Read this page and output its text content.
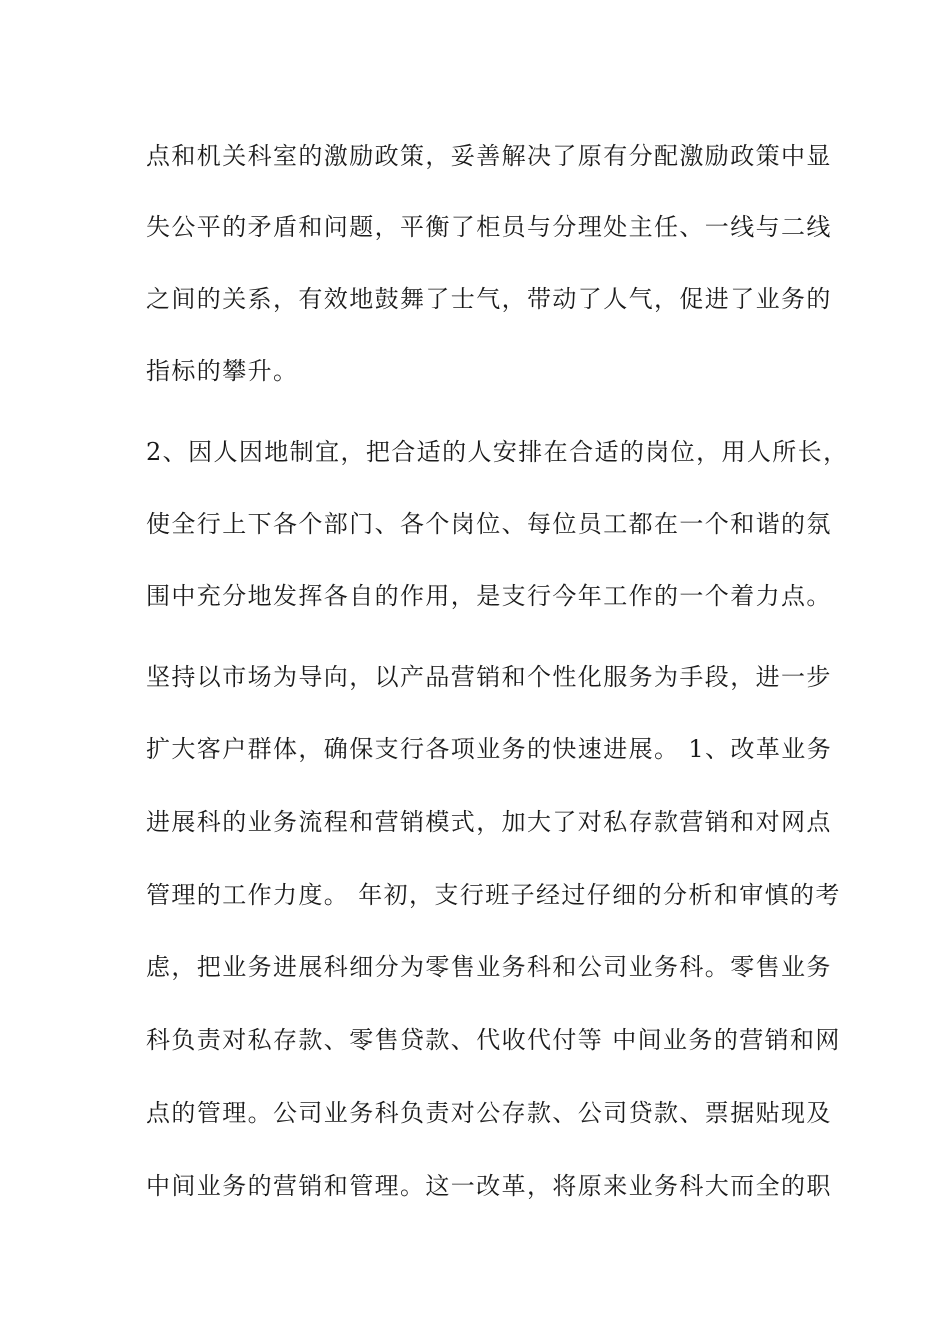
点和机关科室的激励政策，妥善解决了原有分配激励政策中显
失公平的矛盾和问题，平衡了柜员与分理处主任、一线与二线
之间的关系，有效地鼓舞了士气，带动了人气，促进了业务的
指标的攀升。
2、因人因地制宜，把合适的人安排在合适的岗位，用人所长，
使全行上下各个部门、各个岗位、每位员工都在一个和谐的氛
围中充分地发挥各自的作用，是支行今年工作的一个着力点。
坚持以市场为导向，以产品营销和个性化服务为手段，进一步
扩大客户群体，确保支行各项业务的快速进展。 1、改革业务
进展科的业务流程和营销模式，加大了对私存款营销和对网点
管理的工作力度。 年初，支行班子经过仔细的分析和审慎的考
虑，把业务进展科细分为零售业务科和公司业务科。零售业务
科负责对私存款、零售贷款、代收代付等 中间业务的营销和网
点的管理。公司业务科负责对公存款、公司贷款、票据贴现及
中间业务的营销和管理。这一改革，将原来业务科大而全的职
